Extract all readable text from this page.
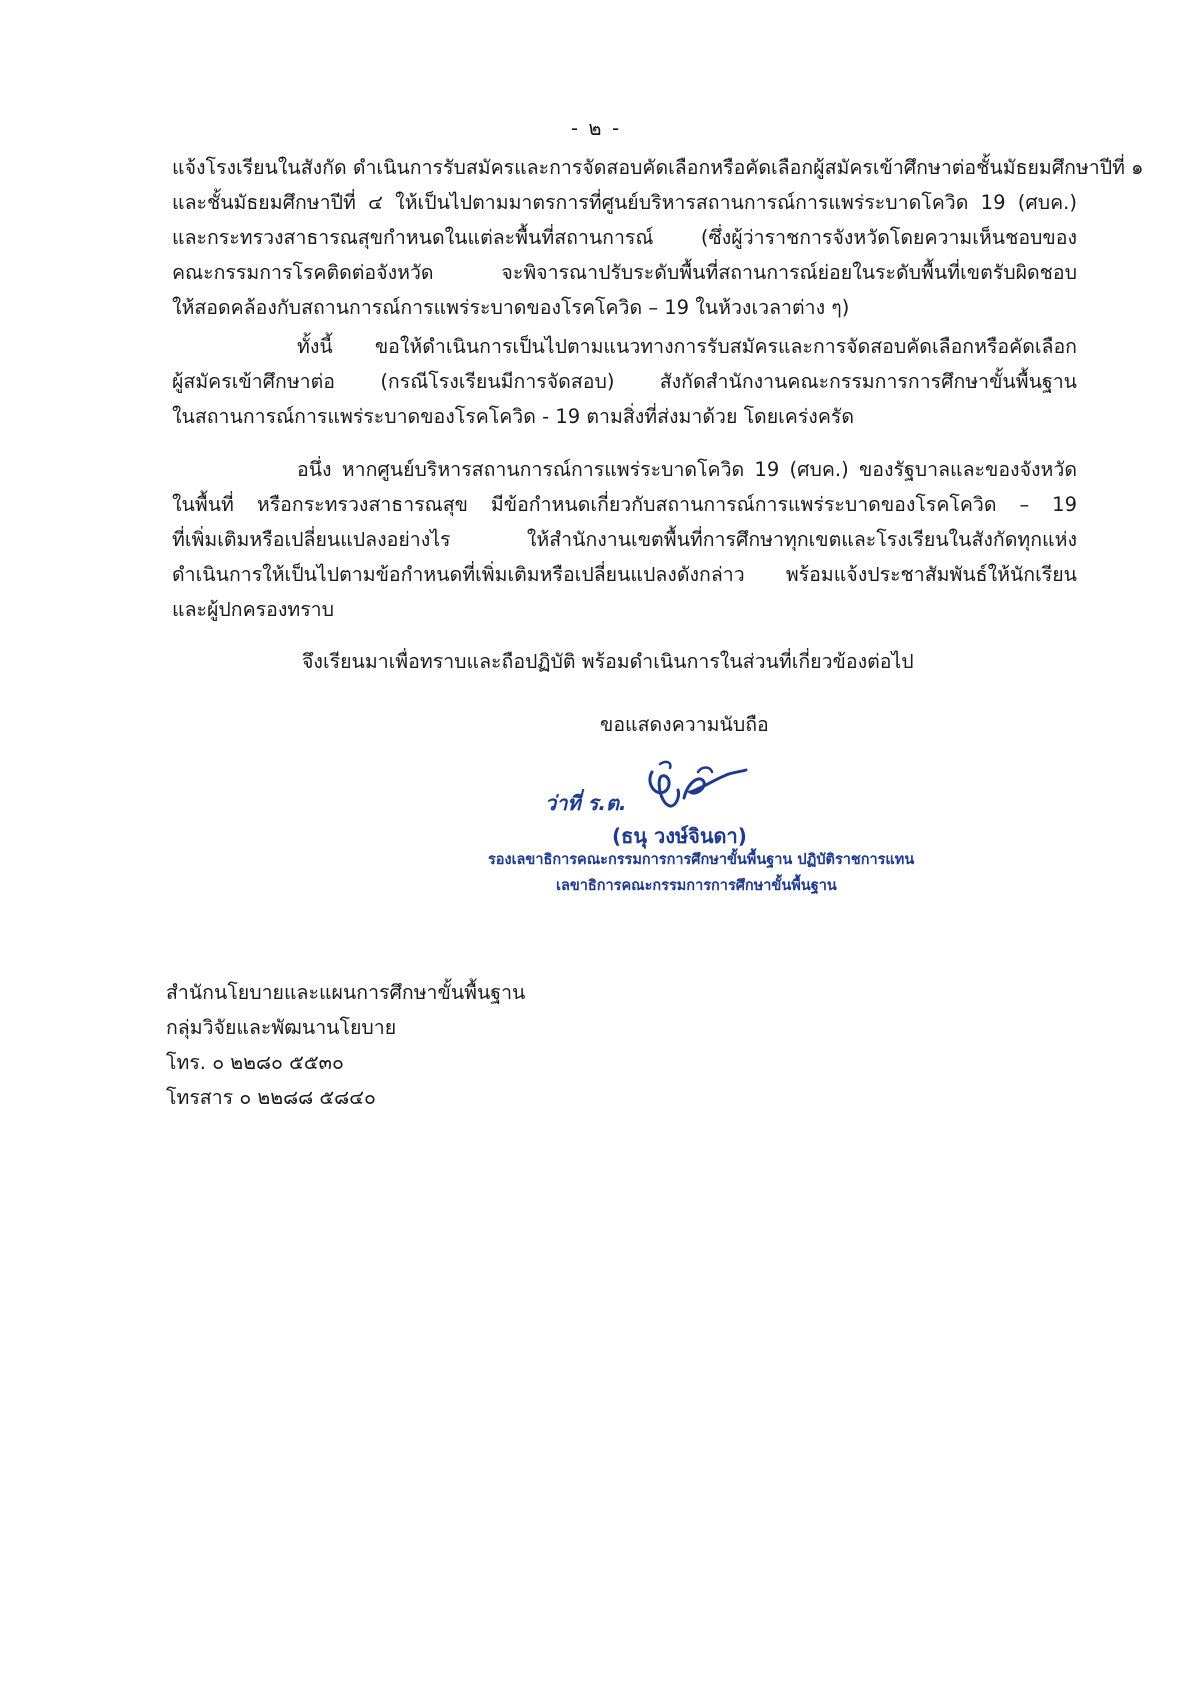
- ๒ -
แจ้งโรงเรียนในสังกัด ดำเนินการรับสมัครและการจัดสอบคัดเลือกหรือคัดเลือกผู้สมัครเข้าศึกษาต่อชั้นมัธยมศึกษาปีที่ ๑
และชั้นมัธยมศึกษาปีที่ ๔ ให้เป็นไปตามมาตรการที่ศูนย์บริหารสถานการณ์การแพร่ระบาดโควิด 19 (ศบค.)
และกระทรวงสาธารณสุขกำหนดในแต่ละพื้นที่สถานการณ์ (ซึ่งผู้ว่าราชการจังหวัดโดยความเห็นชอบของ
คณะกรรมการโรคติดต่อจังหวัด จะพิจารณาปรับระดับพื้นที่สถานการณ์ย่อยในระดับพื้นที่เขตรับผิดชอบ
ให้สอดคล้องกับสถานการณ์การแพร่ระบาดของโรคโควิด – 19 ในห้วงเวลาต่าง ๆ)
ทั้งนี้ ขอให้ดำเนินการเป็นไปตามแนวทางการรับสมัครและการจัดสอบคัดเลือกหรือคัดเลือก
ผู้สมัครเข้าศึกษาต่อ (กรณีโรงเรียนมีการจัดสอบ) สังกัดสำนักงานคณะกรรมการการศึกษาขั้นพื้นฐาน
ในสถานการณ์การแพร่ระบาดของโรคโควิด - 19 ตามสิ่งที่ส่งมาด้วย โดยเคร่งครัด
อนึ่ง หากศูนย์บริหารสถานการณ์การแพร่ระบาดโควิด 19 (ศบค.) ของรัฐบาลและของจังหวัด
ในพื้นที่ หรือกระทรวงสาธารณสุข มีข้อกำหนดเกี่ยวกับสถานการณ์การแพร่ระบาดของโรคโควิด – 19
ที่เพิ่มเติมหรือเปลี่ยนแปลงอย่างไร ให้สำนักงานเขตพื้นที่การศึกษาทุกเขตและโรงเรียนในสังกัดทุกแห่ง
ดำเนินการให้เป็นไปตามข้อกำหนดที่เพิ่มเติมหรือเปลี่ยนแปลงดังกล่าว พร้อมแจ้งประชาสัมพันธ์ให้นักเรียน
และผู้ปกครองทราบ
จึงเรียนมาเพื่อทราบและถือปฏิบัติ พร้อมดำเนินการในส่วนที่เกี่ยวข้องต่อไป
ขอแสดงความนับถือ
ว่าที่ ร.ต.
(ธนุ วงษ์จินดา)
รองเลขาธิการคณะกรรมการการศึกษาขั้นพื้นฐาน ปฏิบัติราชการแทน
เลขาธิการคณะกรรมการการศึกษาขั้นพื้นฐาน
สำนักนโยบายและแผนการศึกษาขั้นพื้นฐาน
กลุ่มวิจัยและพัฒนานโยบาย
โทร. ๐ ๒๒๘๐ ๕๕๓๐
โทรสาร ๐ ๒๒๘๘ ๕๘๔๐
